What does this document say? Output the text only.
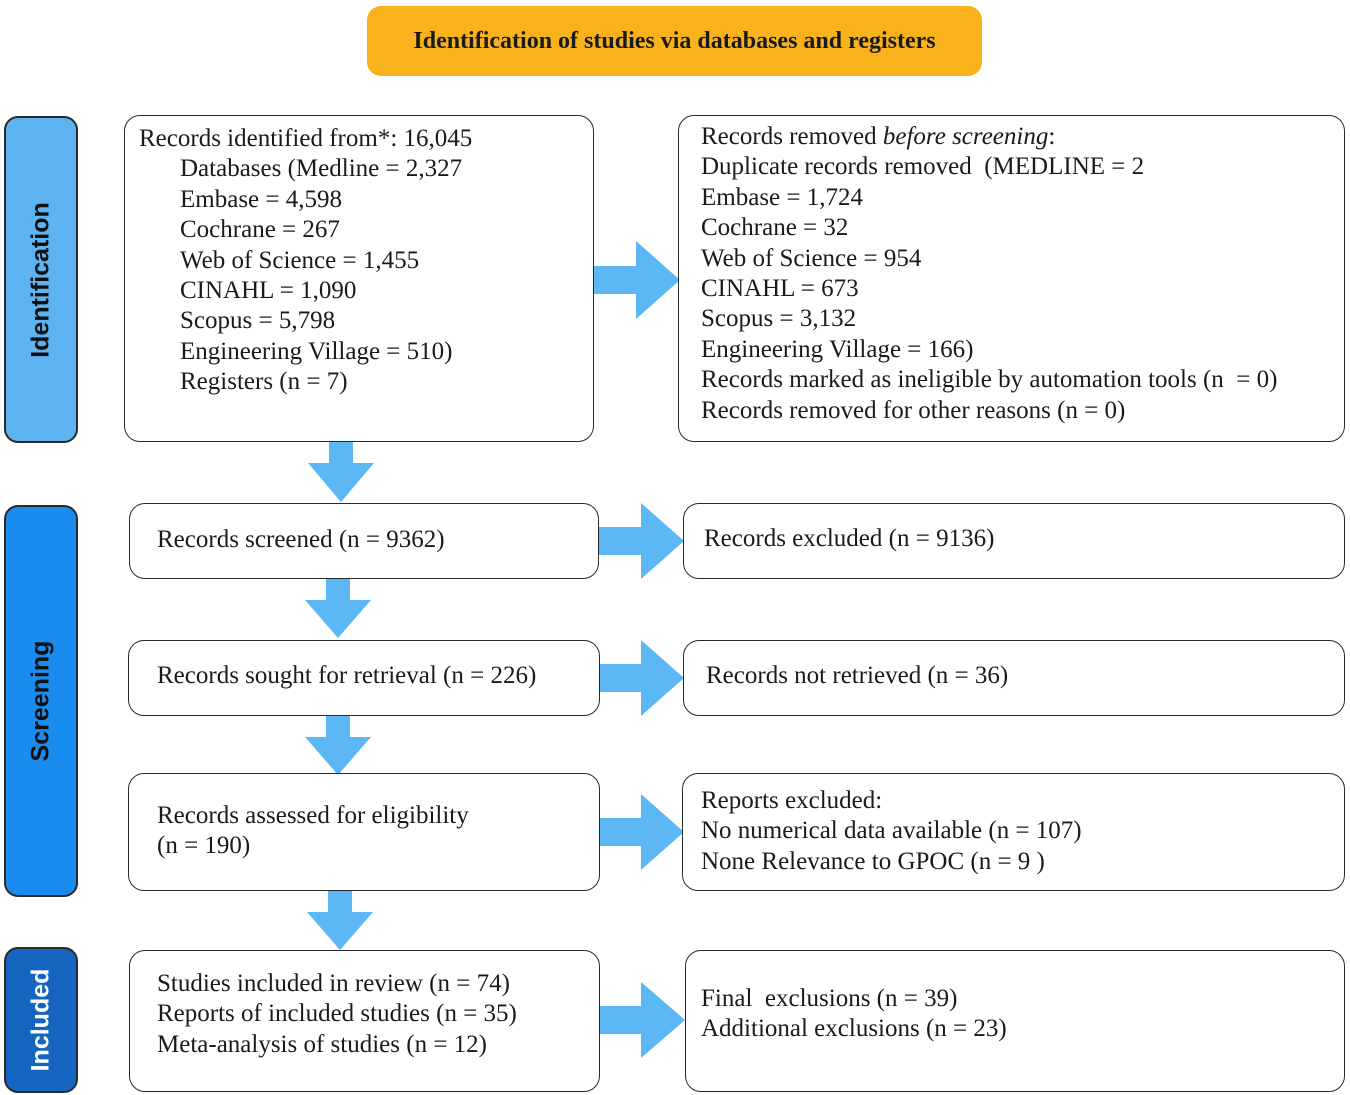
Identification of studies via databases and registers
Identification
Screening
Included
Records identified from*: 16,045
Databases (Medline = 2,327
Embase = 4,598
Cochrane = 267
Web of Science = 1,455
CINAHL = 1,090
Scopus = 5,798
Engineering Village = 510)
Registers (n = 7)
Records removed before screening:
Duplicate records removed  (MEDLINE = 2
Embase = 1,724
Cochrane = 32
Web of Science = 954
CINAHL = 673
Scopus = 3,132
Engineering Village = 166)
Records marked as ineligible by automation tools (n  = 0)
Records removed for other reasons (n = 0)
Records screened (n = 9362)	Records excluded (n = 9136)
Records sought for retrieval (n = 226)	Records not retrieved (n = 36)
Records assessed for eligibility
(n = 190)
Reports excluded:
No numerical data available (n = 107)
None Relevance to GPOC (n = 9 )
Studies included in review (n = 74)
Reports of included studies (n = 35)
Meta-analysis of studies (n = 12)
Final  exclusions (n = 39)
Additional exclusions (n = 23)
